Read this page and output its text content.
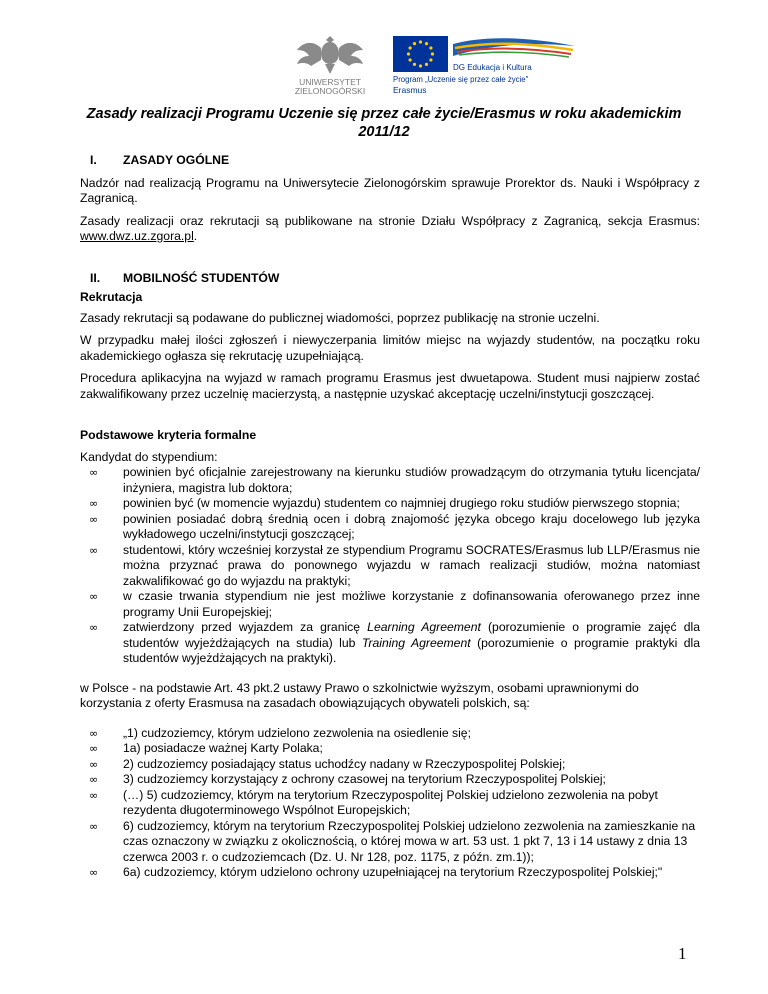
UNIWERSYTET
ZIELONOGÓRSKI
DG Edukacja i Kultura
Program „Uczenie się przez całe życie"
Erasmus
Zasady realizacji Programu Uczenie się przez całe życie/Erasmus w roku akademickim 2011/12
I.	ZASADY OGÓLNE

Nadzór nad realizacją Programu na Uniwersytecie Zielonogórskim sprawuje Prorektor ds. Nauki i Współpracy z Zagranicą.

Zasady realizacji oraz rekrutacji są publikowane na stronie Działu Współpracy z Zagranicą, sekcja Erasmus: www.dwz.uz.zgora.pl.

II.	MOBILNOŚĆ STUDENTÓW
Rekrutacja

Zasady rekrutacji są podawane do publicznej wiadomości, poprzez publikację na stronie uczelni.

W przypadku małej ilości zgłoszeń i niewyczerpania limitów miejsc na wyjazdy studentów, na początku roku akademickiego ogłasza się rekrutację uzupełniającą.

Procedura aplikacyjna na wyjazd w ramach programu Erasmus jest dwuetapowa. Student musi najpierw zostać zakwalifikowany przez uczelnię macierzystą, a następnie uzyskać akceptację uczelni/instytucji goszczącej.

Podstawowe kryteria formalne
Kandydat do stypendium:
∞ powinien być oficjalnie zarejestrowany na kierunku studiów prowadzącym do otrzymania tytułu licencjata/ inżyniera, magistra lub doktora;
∞ powinien być (w momencie wyjazdu) studentem co najmniej drugiego roku studiów pierwszego stopnia;
∞ powinien posiadać dobrą średnią ocen i dobrą znajomość języka obcego kraju docelowego lub języka wykładowego uczelni/instytucji goszczącej;
∞ studentowi, który wcześniej korzystał ze stypendium Programu SOCRATES/Erasmus lub LLP/Erasmus nie można przyznać prawa do ponownego wyjazdu w ramach realizacji studiów, można natomiast zakwalifikować go do wyjazdu na praktyki;
∞ w czasie trwania stypendium nie jest możliwe korzystanie z dofinansowania oferowanego przez inne programy Unii Europejskiej;
∞ zatwierdzony przed wyjazdem za granicę Learning Agreement (porozumienie o programie zajęć dla studentów wyjeżdżających na studia) lub Training Agreement (porozumienie o programie praktyki dla studentów wyjeżdżających na praktyki).

w Polsce - na podstawie Art. 43 pkt.2 ustawy Prawo o szkolnictwie wyższym, osobami uprawnionymi do korzystania z oferty Erasmusa na zasadach obowiązujących obywateli polskich, są:

∞ „1) cudzoziemcy, którym udzielono zezwolenia na osiedlenie się;
∞ 1a) posiadacze ważnej Karty Polaka;
∞ 2) cudzoziemcy posiadający status uchodźcy nadany w Rzeczypospolitej Polskiej;
∞ 3) cudzoziemcy korzystający z ochrony czasowej na terytorium Rzeczypospolitej Polskiej;
∞ (…) 5) cudzoziemcy, którym na terytorium Rzeczypospolitej Polskiej udzielono zezwolenia na pobyt rezydenta długoterminowego Wspólnot Europejskich;
∞ 6) cudzoziemcy, którym na terytorium Rzeczypospolitej Polskiej udzielono zezwolenia na zamieszkanie na czas oznaczony w związku z okolicznością, o której mowa w art. 53 ust. 1 pkt 7, 13 i 14 ustawy z dnia 13 czerwca 2003 r. o cudzoziemcach (Dz. U. Nr 128, poz. 1175, z późn. zm.1));
∞ 6a) cudzoziemcy, którym udzielono ochrony uzupełniającej na terytorium Rzeczypospolitej Polskiej;"
1
